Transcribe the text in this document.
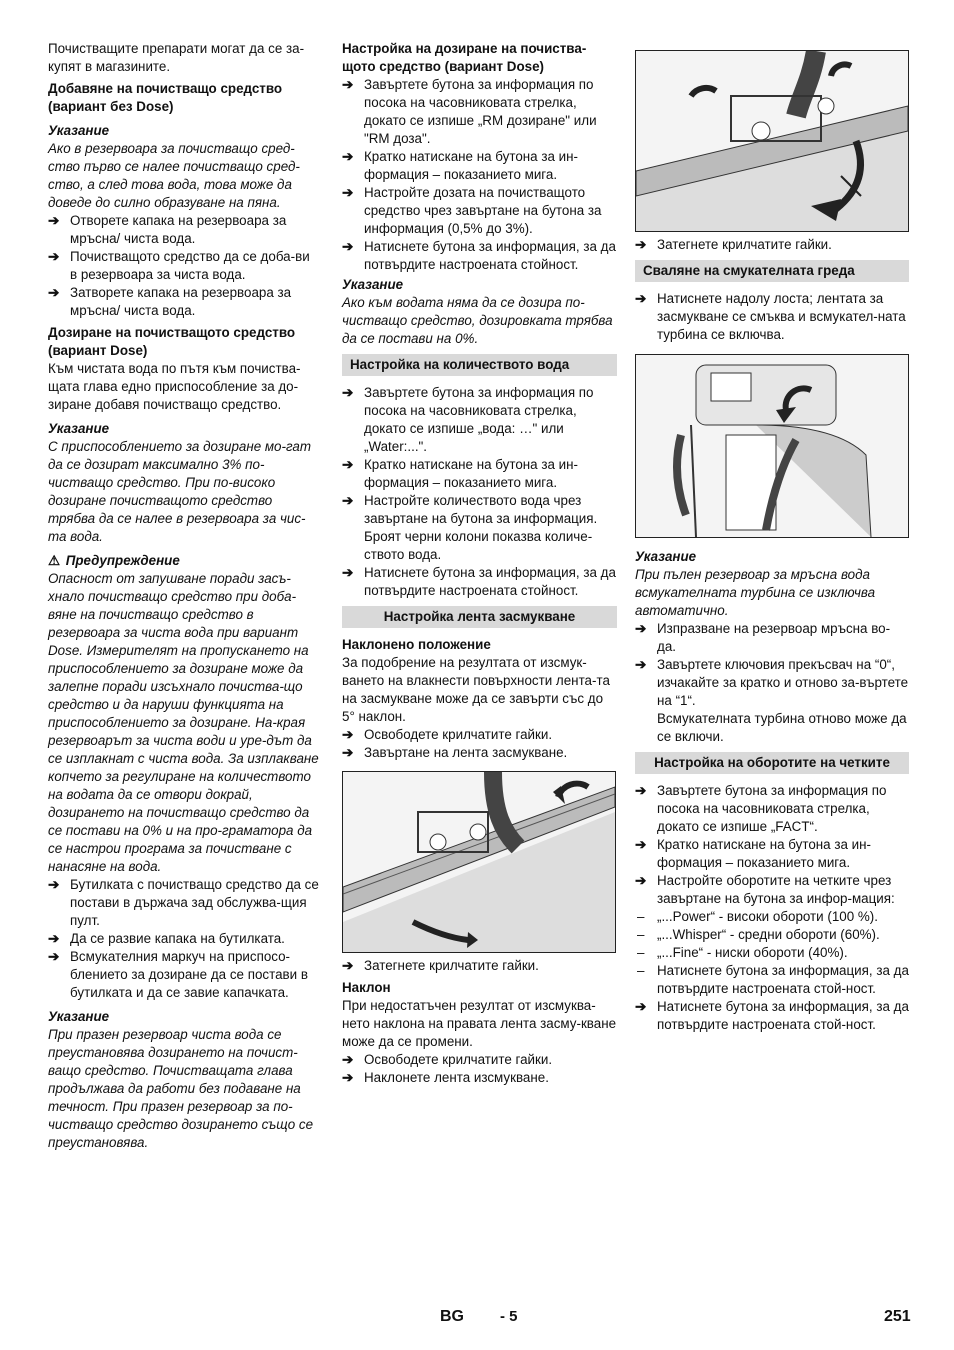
Почистващите препарати могат да се за-купят в магазините.

Добавяне на почистващо средство (вариант без Dose)

Указание

Ако в резервоара за почистващо сред-ство първо се налее почистващо сред-ство, а след това вода, това може да доведе до силно образуване на пяна.

➔ Отворете капака на резервоара за мръсна/ чиста вода.
➔ Почистващото средство да се доба-ви в резервоара за чиста вода.
➔ Затворете капака на резервоара за мръсна/ чиста вода.

Дозиране на почистващото средство (вариант Dose)

Към чистата вода по пътя към почиства-щата глава едно приспособление за до-зиране добавя почистващо средство.

Указание

С приспособлението за дозиране мо-гат да се дозират максимално 3% по-чистващо средство. При по-високо дозиране почистващото средство трябва да се налее в резервоара за чис-та вода.

⚠ Предупреждение

Опасност от запушване поради засъ-хнало почистващо средство при доба-вяне на почистващо средство в резервоара за чиста вода при вариант Dose. Измерителят на пропускането на приспособлението за дозиране може да залепне поради изсъхнало почиства-що средство и да наруши функцията на приспособлението за дозиране. На-края резервоарът за чиста води и уре-дът да се изплакнат с чиста вода. За изплакване копчето за регулиране на количеството на водата да се отвори докрай, дозирането на почистващо средство да се постави на 0% и на про-граматора да се настрои програма за почистване с нанасяне на вода.

➔ Бутилката с почистващо средство да се постави в държача зад обслужва-щия пулт.
➔ Да се развие капака на бутилката.
➔ Всмукателния маркуч на приспосо-блението за дозиране да се постави в бутилката и да се завие капачката.

Указание

При празен резервоар чиста вода се преустановява дозирането на почист-ващо средство. Почистващата глава продължава да работи без подаване на течност. При празен резервоар за по-чистващо средство дозирането също се преустановява.

Настройка на дозиране на почиства-щото средство (вариант Dose)

➔ Завъртете бутона за информация по посока на часовниковата стрелка, докато се изпише „RM дозиране" или "RM доза".
➔ Кратко натискане на бутона за ин-формация – показанието мига.
➔ Настройте дозата на почистващото средство чрез завъртане на бутона за информация (0,5% до 3%).
➔ Натиснете бутона за информация, за да потвърдите настроената стойност.

Указание

Ако към водата няма да се дозира по-чистващо средство, дозировката трябва да се постави на 0%.

Настройка на количеството вода
➔ Завъртете бутона за информация по посока на часовниковата стрелка, докато се изпише „вода: …" или „Water:...".
➔ Кратко натискане на бутона за ин-формация – показанието мига.
➔ Настройте количеството вода чрез завъртане на бутона за информация. Броят черни колони показва количе-ството вода.
➔ Натиснете бутона за информация, за да потвърдите настроената стойност.
Настройка лента засмукване

Наклонено положение

За подобрение на резултата от изсмук-ването на влакнести повърхности лента-та на засмукване може да се завърти със до 5° наклон.

➔ Освободете крилчатите гайки.
➔ Завъртане на лента засмукване.
➔ Затегнете крилчатите гайки.

Наклон

При недостатъчен резултат от изсмуква-нето наклона на правата лента засму-кване може да се промени.

➔ Освободете крилчатите гайки.
➔ Наклонете лента изсмукване.
➔ Затегнете крилчатите гайки.
Сваляне на смукателната греда
➔ Натиснете надолу лоста; лентата за засмукване се смъква и всмукател-ната турбина се включва.

Указание

При пълен резервоар за мръсна вода всмукателната турбина се изключва автоматично.

➔ Изпразване на резервоар мръсна во-да.
➔ Завъртете ключовия прекъсвач на “0“, изчакайте за кратко и отново за-въртете на “1“.

Всмукателната турбина отново може да се включи.

Настройка на оборотите на четките
➔ Завъртете бутона за информация по посока на часовниковата стрелка, докато се изпише „FACT“.
➔ Кратко натискане на бутона за ин-формация – показанието мига.
➔ Настройте оборотите на четките чрез завъртане на бутона за инфор-мация:
– „...Power“ - високи обороти (100 %).
– „...Whisper“ - средни обороти (60%).
– „...Fine“ - ниски обороти (40%).
– Натиснете бутона за информация, за да потвърдите настроената стой-ност.
➔ Натиснете бутона за информация, за да потвърдите настроената стой-ност.
BG - 5	251
